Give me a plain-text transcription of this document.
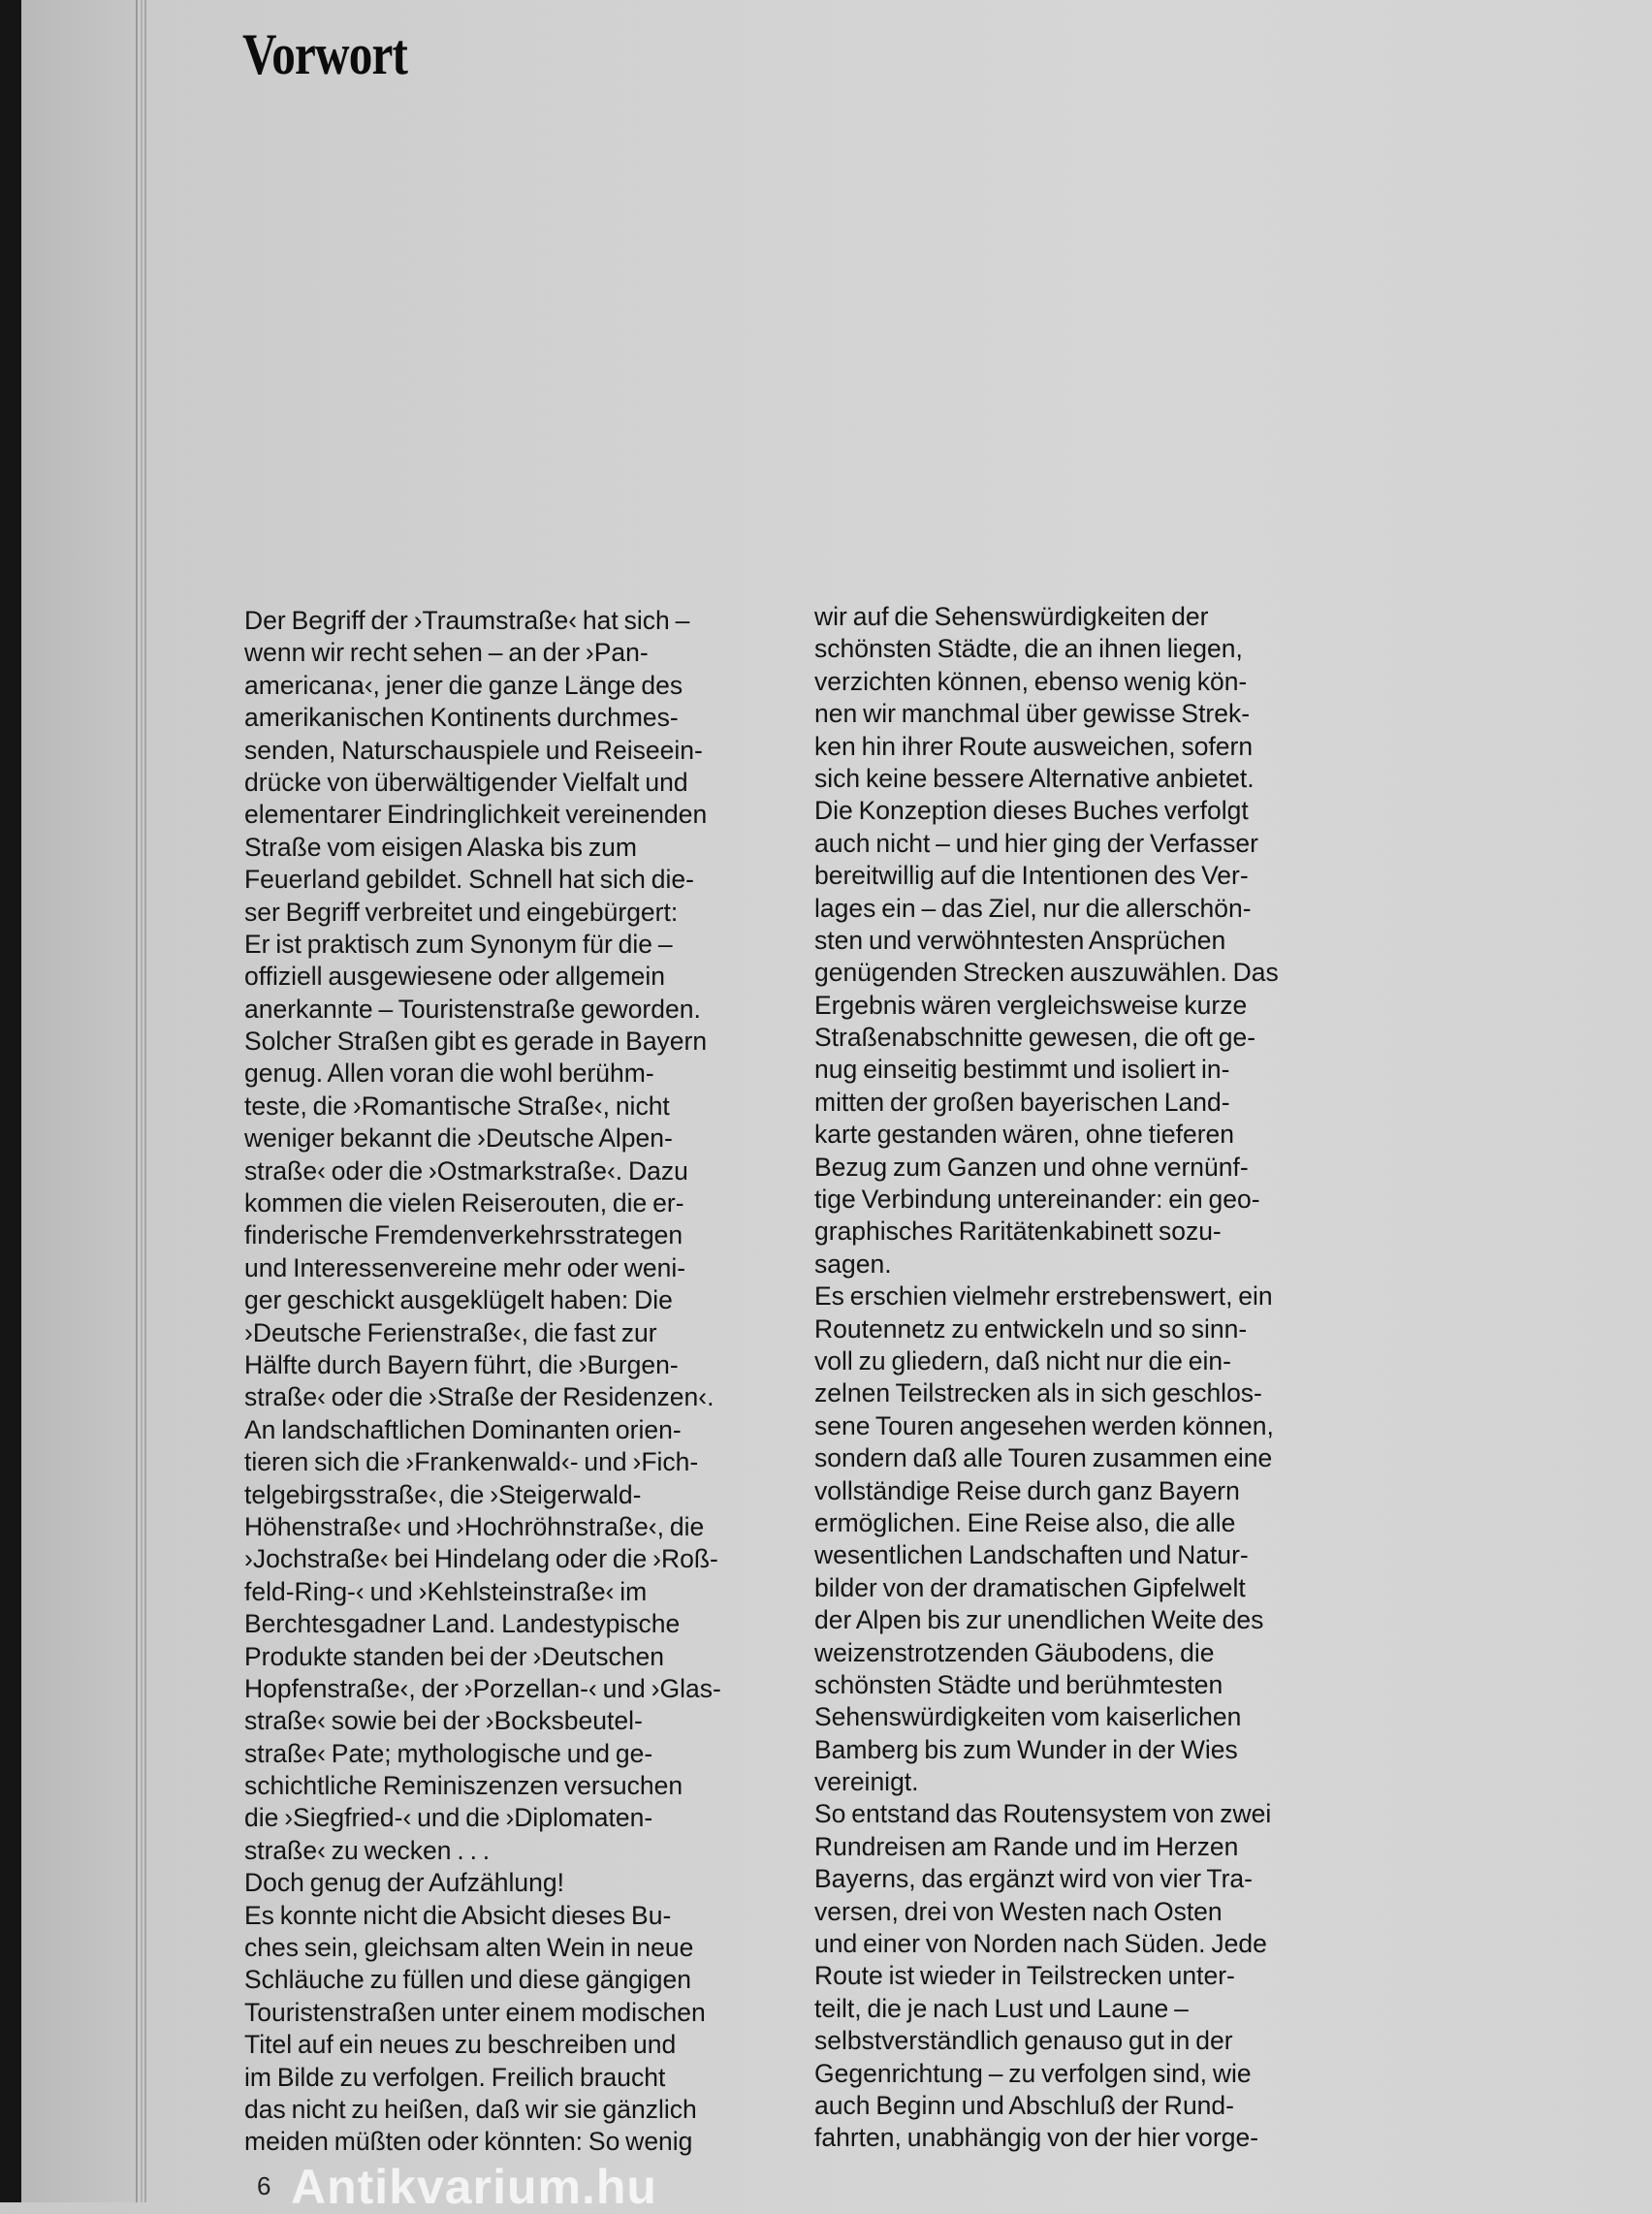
Vorwort
Der Begriff der ›Traumstraße‹ hat sich –
wenn wir recht sehen – an der ›Pan-
americana‹, jener die ganze Länge des
amerikanischen Kontinents durchmes-
senden, Naturschauspiele und Reiseein-
drücke von überwältigender Vielfalt und
elementarer Eindringlichkeit vereinenden
Straße vom eisigen Alaska bis zum
Feuerland gebildet. Schnell hat sich die-
ser Begriff verbreitet und eingebürgert:
Er ist praktisch zum Synonym für die –
offiziell ausgewiesene oder allgemein
anerkannte – Touristenstraße geworden.
Solcher Straßen gibt es gerade in Bayern
genug. Allen voran die wohl berühm-
teste, die ›Romantische Straße‹, nicht
weniger bekannt die ›Deutsche Alpen-
straße‹ oder die ›Ostmarkstraße‹. Dazu
kommen die vielen Reiserouten, die er-
finderische Fremdenverkehrsstrategen
und Interessenvereine mehr oder weni-
ger geschickt ausgeklügelt haben: Die
›Deutsche Ferienstraße‹, die fast zur
Hälfte durch Bayern führt, die ›Burgen-
straße‹ oder die ›Straße der Residenzen‹.
An landschaftlichen Dominanten orien-
tieren sich die ›Frankenwald‹- und ›Fich-
telgebirgsstraße‹, die ›Steigerwald-
Höhenstraße‹ und ›Hochröhnstraße‹, die
›Jochstraße‹ bei Hindelang oder die ›Roß-
feld-Ring-‹ und ›Kehlsteinstraße‹ im
Berchtesgadner Land. Landestypische
Produkte standen bei der ›Deutschen
Hopfenstraße‹, der ›Porzellan-‹ und ›Glas-
straße‹ sowie bei der ›Bocksbeutel-
straße‹ Pate; mythologische und ge-
schichtliche Reminiszenzen versuchen
die ›Siegfried-‹ und die ›Diplomaten-
straße‹ zu wecken . . .
Doch genug der Aufzählung!
Es konnte nicht die Absicht dieses Bu-
ches sein, gleichsam alten Wein in neue
Schläuche zu füllen und diese gängigen
Touristenstraßen unter einem modischen
Titel auf ein neues zu beschreiben und
im Bilde zu verfolgen. Freilich braucht
das nicht zu heißen, daß wir sie gänzlich
meiden müßten oder könnten: So wenig
wir auf die Sehenswürdigkeiten der
schönsten Städte, die an ihnen liegen,
verzichten können, ebenso wenig kön-
nen wir manchmal über gewisse Strek-
ken hin ihrer Route ausweichen, sofern
sich keine bessere Alternative anbietet.
Die Konzeption dieses Buches verfolgt
auch nicht – und hier ging der Verfasser
bereitwillig auf die Intentionen des Ver-
lages ein – das Ziel, nur die allerschön-
sten und verwöhntesten Ansprüchen
genügenden Strecken auszuwählen. Das
Ergebnis wären vergleichsweise kurze
Straßenabschnitte gewesen, die oft ge-
nug einseitig bestimmt und isoliert in-
mitten der großen bayerischen Land-
karte gestanden wären, ohne tieferen
Bezug zum Ganzen und ohne vernünf-
tige Verbindung untereinander: ein geo-
graphisches Raritätenkabinett sozu-
sagen.
Es erschien vielmehr erstrebenswert, ein
Routennetz zu entwickeln und so sinn-
voll zu gliedern, daß nicht nur die ein-
zelnen Teilstrecken als in sich geschlos-
sene Touren angesehen werden können,
sondern daß alle Touren zusammen eine
vollständige Reise durch ganz Bayern
ermöglichen. Eine Reise also, die alle
wesentlichen Landschaften und Natur-
bilder von der dramatischen Gipfelwelt
der Alpen bis zur unendlichen Weite des
weizenstrotzenden Gäubodens, die
schönsten Städte und berühmtesten
Sehenswürdigkeiten vom kaiserlichen
Bamberg bis zum Wunder in der Wies
vereinigt.
So entstand das Routensystem von zwei
Rundreisen am Rande und im Herzen
Bayerns, das ergänzt wird von vier Tra-
versen, drei von Westen nach Osten
und einer von Norden nach Süden. Jede
Route ist wieder in Teilstrecken unter-
teilt, die je nach Lust und Laune –
selbstverständlich genauso gut in der
Gegenrichtung – zu verfolgen sind, wie
auch Beginn und Abschluß der Rund-
fahrten, unabhängig von der hier vorge-
6 Antikvarium.hu
